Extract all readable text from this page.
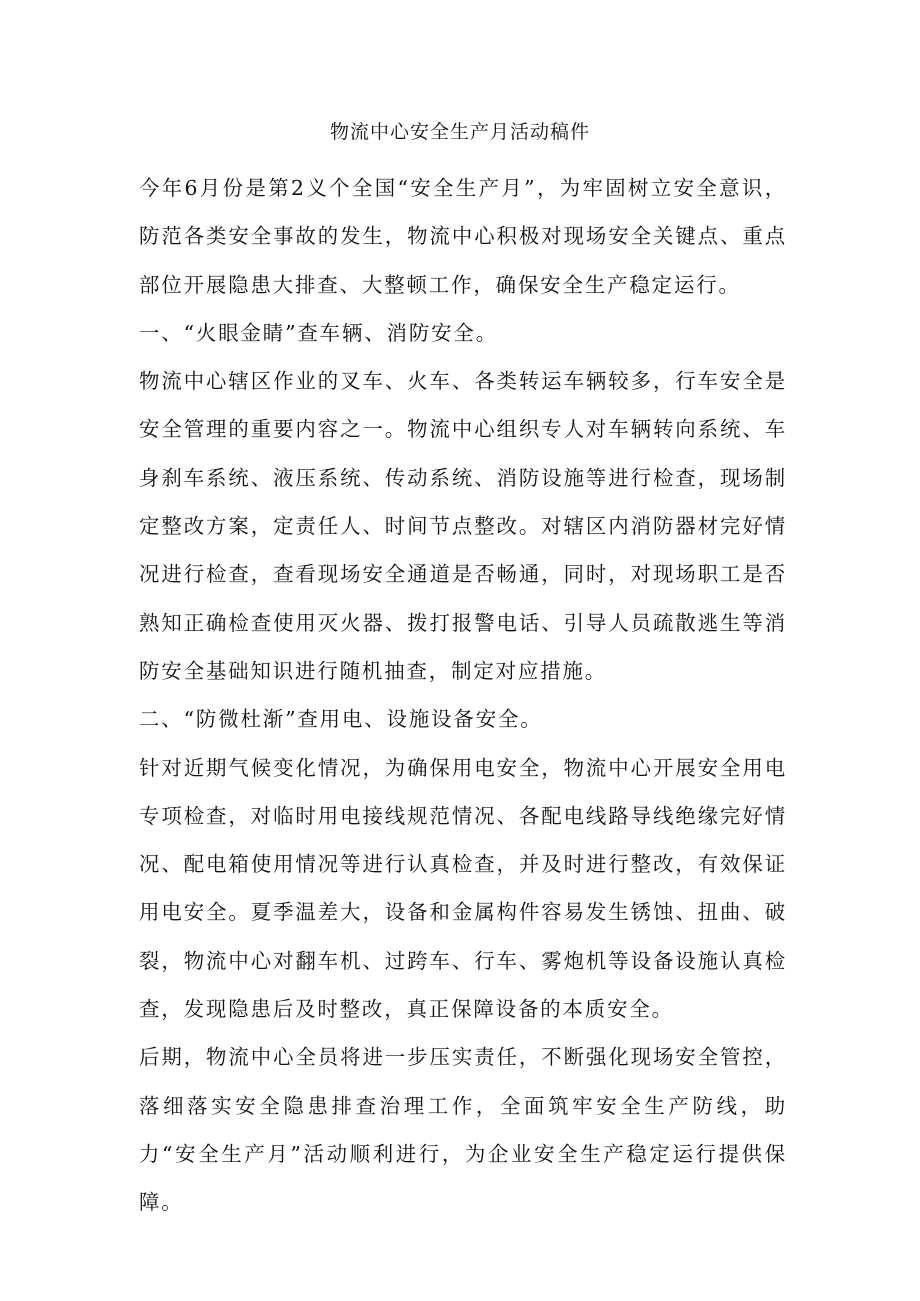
物流中心安全生产月活动稿件

今年6月份是第2义个全国“安全生产月”，为牢固树立安全意识，防范各类安全事故的发生，物流中心积极对现场安全关键点、重点部位开展隐患大排查、大整顿工作，确保安全生产稳定运行。

一、“火眼金睛”查车辆、消防安全。

物流中心辖区作业的叉车、火车、各类转运车辆较多，行车安全是安全管理的重要内容之一。物流中心组织专人对车辆转向系统、车身刹车系统、液压系统、传动系统、消防设施等进行检查，现场制定整改方案，定责任人、时间节点整改。对辖区内消防器材完好情况进行检查，查看现场安全通道是否畅通，同时，对现场职工是否熟知正确检查使用灭火器、拨打报警电话、引导人员疏散逃生等消防安全基础知识进行随机抽查，制定对应措施。

二、“防微杜渐”查用电、设施设备安全。

针对近期气候变化情况，为确保用电安全，物流中心开展安全用电专项检查，对临时用电接线规范情况、各配电线路导线绝缘完好情况、配电箱使用情况等进行认真检查，并及时进行整改，有效保证用电安全。夏季温差大，设备和金属构件容易发生锈蚀、扭曲、破裂，物流中心对翻车机、过跨车、行车、雾炮机等设备设施认真检查，发现隐患后及时整改，真正保障设备的本质安全。

后期，物流中心全员将进一步压实责任，不断强化现场安全管控，落细落实安全隐患排查治理工作，全面筑牢安全生产防线，助力“安全生产月”活动顺利进行，为企业安全生产稳定运行提供保障。
